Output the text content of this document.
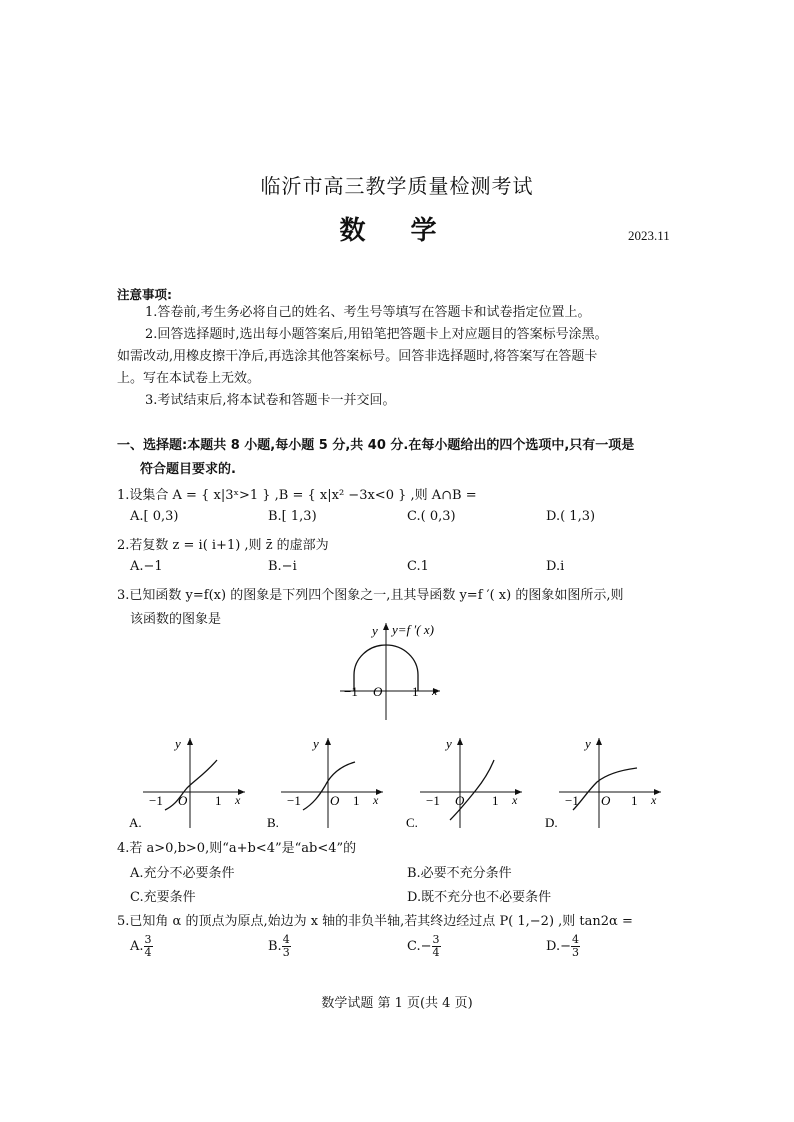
临沂市高三教学质量检测考试
数 学	2023.11
注意事项:
1.答卷前,考生务必将自己的姓名、考生号等填写在答题卡和试卷指定位置上。
2.回答选择题时,选出每小题答案后,用铅笔把答题卡上对应题目的答案标号涂黑。
如需改动,用橡皮擦干净后,再选涂其他答案标号。回答非选择题时,将答案写在答题卡
上。写在本试卷上无效。
3.考试结束后,将本试卷和答题卡一并交回。
一、选择题:本题共 8 小题,每小题 5 分,共 40 分.在每小题给出的四个选项中,只有一项是
符合题目要求的.
1.设集合 A = { x|3ˣ>1 } ,B = { x|x² −3x<0 } ,则 A∩B =
A.[ 0,3)	B.[ 1,3)	C.( 0,3)	D.( 1,3)
2.若复数 z = i( i+1) ,则 z̄ 的虚部为
A.−1	B.−i	C.1	D.i
3.已知函数 y=f(x) 的图象是下列四个图象之一,且其导函数 y=f ′( x) 的图象如图所示,则
该函数的图象是
y y=f ′( x)
x
−1 O 1
y
x
−1 O 1
A.
y
x
−1 O 1
B.
y
x
−1 O 1
C.
y
x
−1 O 1
D.
4.若 a>0,b>0,则“a+b<4”是“ab<4”的
A.充分不必要条件	B.必要不充分条件
C.充要条件	D.既不充分也不必要条件
5.已知角 α 的顶点为原点,始边为 x 轴的非负半轴,若其终边经过点 P( 1,−2) ,则 tan2α =
A. $\frac{3}{4}$	B. $\frac{4}{3}$	$C.- \frac{3}{4}$	$D.- \frac{4}{3}$
数学试题 第 1 页(共 4 页)
